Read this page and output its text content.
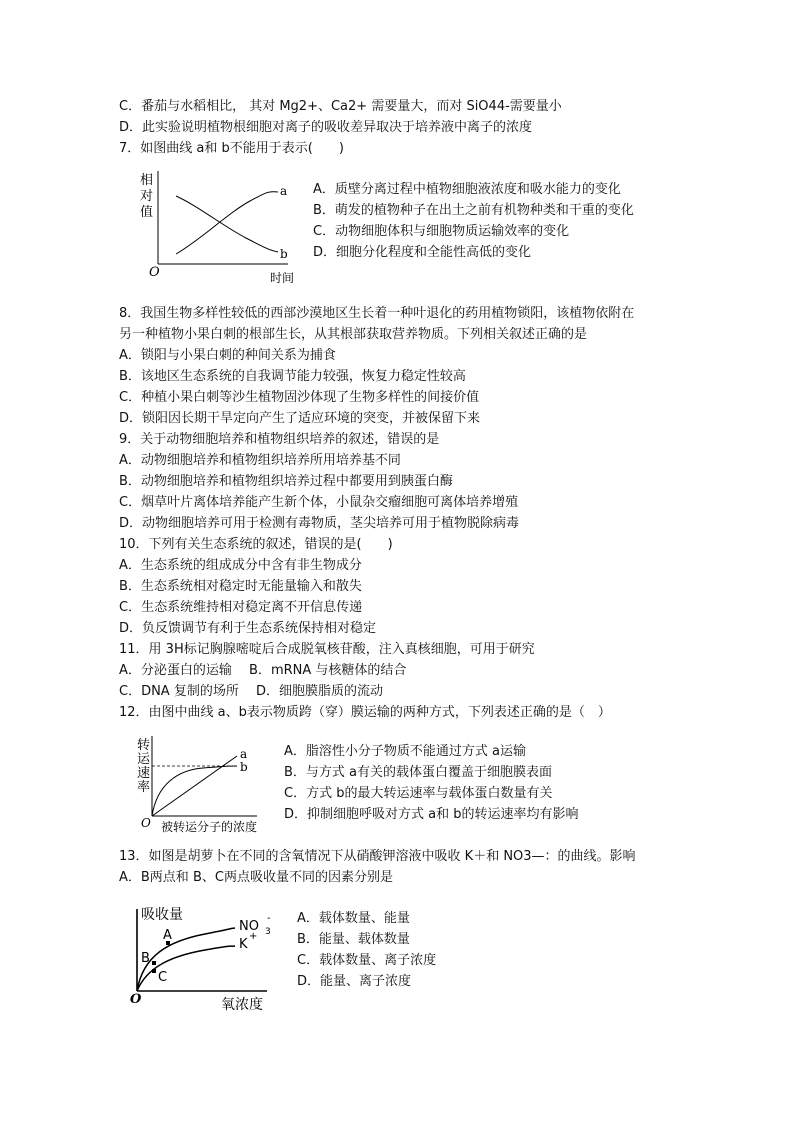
C．番茄与水稻相比， 其对 Mg2+、Ca2+ 需要量大，而对 SiO44-需要量小
D．此实验说明植物根细胞对离子的吸收差异取决于培养液中离子的浓度
7．如图曲线 a和 b不能用于表示(　　)
相
对
值
a
b
O	时间
A．质壁分离过程中植物细胞液浓度和吸水能力的变化
B．萌发的植物种子在出土之前有机物种类和干重的变化
C．动物细胞体积与细胞物质运输效率的变化
D．细胞分化程度和全能性高低的变化
8．我国生物多样性较低的西部沙漠地区生长着一种叶退化的药用植物锁阳，该植物依附在
另一种植物小果白刺的根部生长，从其根部获取营养物质。下列相关叙述正确的是
A．锁阳与小果白刺的种间关系为捕食
B．该地区生态系统的自我调节能力较强，恢复力稳定性较高
C．种植小果白刺等沙生植物固沙体现了生物多样性的间接价值
D．锁阳因长期干旱定向产生了适应环境的突变，并被保留下来
9．关于动物细胞培养和植物组织培养的叙述，错误的是
A．动物细胞培养和植物组织培养所用培养基不同
B．动物细胞培养和植物组织培养过程中都要用到胰蛋白酶
C．烟草叶片离体培养能产生新个体，小鼠杂交瘤细胞可离体培养增殖
D．动物细胞培养可用于检测有毒物质，茎尖培养可用于植物脱除病毒
10．下列有关生态系统的叙述，错误的是(　　)
A．生态系统的组成成分中含有非生物成分
B．生态系统相对稳定时无能量输入和散失
C．生态系统维持相对稳定离不开信息传递
D．负反馈调节有利于生态系统保持相对稳定
11．用 3H标记胸腺嘧啶后合成脱氧核苷酸，注入真核细胞，可用于研究
A．分泌蛋白的运输　 B．mRNA 与核糖体的结合
C．DNA 复制的场所　 D．细胞膜脂质的流动
12．由图中曲线 a、b表示物质跨（穿）膜运输的两种方式，下列表述正确的是（　）
转
运
速
率
a
b
O 被转运分子的浓度
A．脂溶性小分子物质不能通过方式 a运输
B．与方式 a有关的载体蛋白覆盖于细胞膜表面
C．方式 b的最大转运速率与载体蛋白数量有关
D．抑制细胞呼吸对方式 a和 b的转运速率均有影响
13．如图是胡萝卜在不同的含氧情况下从硝酸钾溶液中吸收 K＋和 NO3—：的曲线。影响
A．B两点和 B、C两点吸收量不同的因素分别是
吸收量
A
B
C
NO 3
-
K
+
O	氧浓度
A．载体数量、能量
B．能量、载体数量
C．载体数量、离子浓度
D．能量、离子浓度
